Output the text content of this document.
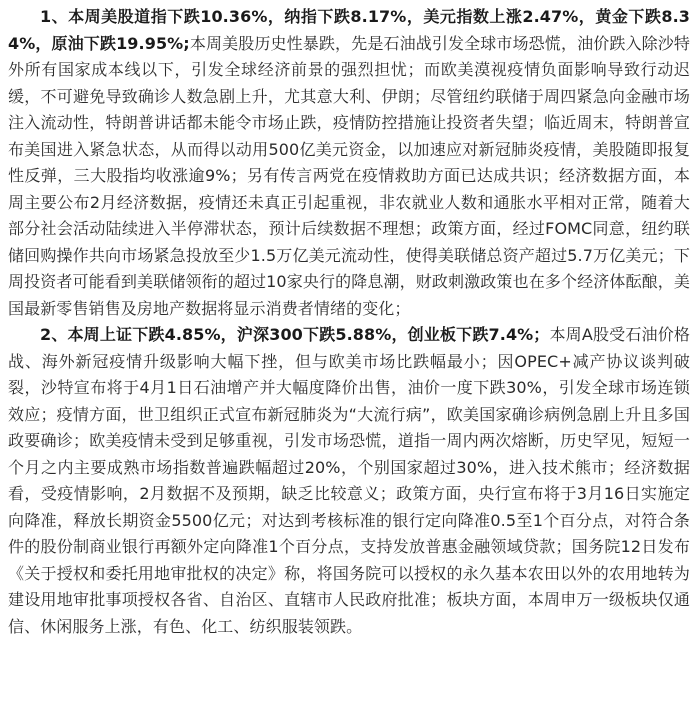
1、本周美股道指下跌10.36%，纳指下跌8.17%，美元指数上涨2.47%，黄金下跌8.34%，原油下跌19.95%;本周美股历史性暴跌，先是石油战引发全球市场恐慌，油价跌入除沙特外所有国家成本线以下，引发全球经济前景的强烈担忧；而欧美漠视疫情负面影响导致行动迟缓，不可避免导致确诊人数急剧上升，尤其意大利、伊朗；尽管纽约联储于周四紧急向金融市场注入流动性，特朗普讲话都未能令市场止跌，疫情防控措施让投资者失望；临近周末，特朗普宣布美国进入紧急状态，从而得以动用500亿美元资金，以加速应对新冠肺炎疫情，美股随即报复性反弹，三大股指均收涨逾9%；另有传言两党在疫情救助方面已达成共识；经济数据方面，本周主要公布2月经济数据，疫情还未真正引起重视，非农就业人数和通胀水平相对正常，随着大部分社会活动陆续进入半停滞状态，预计后续数据不理想；政策方面，经过FOMC同意，纽约联储回购操作共向市场紧急投放至少1.5万亿美元流动性，使得美联储总资产超过5.7万亿美元；下周投资者可能看到美联储领衔的超过10家央行的降息潮，财政刺激政策也在多个经济体酝酿，美国最新零售销售及房地产数据将显示消费者情绪的变化；

2、本周上证下跌4.85%，沪深300下跌5.88%，创业板下跌7.4%；本周A股受石油价格战、海外新冠疫情升级影响大幅下挫，但与欧美市场比跌幅最小；因OPEC+减产协议谈判破裂，沙特宣布将于4月1日石油增产并大幅度降价出售，油价一度下跌30%，引发全球市场连锁效应；疫情方面，世卫组织正式宣布新冠肺炎为“大流行病”，欧美国家确诊病例急剧上升且多国政要确诊；欧美疫情未受到足够重视，引发市场恐慌，道指一周内两次熔断，历史罕见，短短一个月之内主要成熟市场指数普遍跌幅超过20%，个别国家超过30%，进入技术熊市；经济数据看，受疫情影响，2月数据不及预期，缺乏比较意义；政策方面，央行宣布将于3月16日实施定向降准，释放长期资金5500亿元；对达到考核标准的银行定向降准0.5至1个百分点，对符合条件的股份制商业银行再额外定向降准1个百分点，支持发放普惠金融领域贷款；国务院12日发布《关于授权和委托用地审批权的决定》称，将国务院可以授权的永久基本农田以外的农用地转为建设用地审批事项授权各省、自治区、直辖市人民政府批准；板块方面，本周申万一级板块仅通信、休闲服务上涨，有色、化工、纺织服装领跌。
